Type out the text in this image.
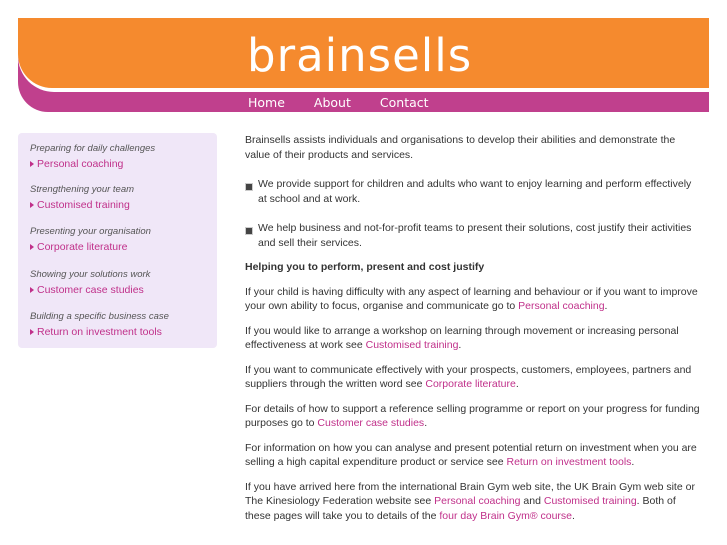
brainsells
Home About Contact
Preparing for daily challenges
Personal coaching
Strengthening your team
Customised training
Presenting your organisation
Corporate literature
Showing your solutions work
Customer case studies
Building a specific business case
Return on investment tools

Brainsells assists individuals and organisations to develop their abilities and demonstrate the value of their products and services.

We provide support for children and adults who want to enjoy learning and perform effectively at school and at work.

We help business and not-for-profit teams to present their solutions, cost justify their activities and sell their services.

Helping you to perform, present and cost justify

If your child is having difficulty with any aspect of learning and behaviour or if you want to improve your own ability to focus, organise and communicate go to Personal coaching.

If you would like to arrange a workshop on learning through movement or increasing personal effectiveness at work see Customised training.

If you want to communicate effectively with your prospects, customers, employees, partners and suppliers through the written word see Corporate literature.

For details of how to support a reference selling programme or report on your progress for funding purposes go to Customer case studies.

For information on how you can analyse and present potential return on investment when you are selling a high capital expenditure product or service see Return on investment tools.

If you have arrived here from the international Brain Gym web site, the UK Brain Gym web site or The Kinesiology Federation website see Personal coaching and Customised training. Both of these pages will take you to details of the four day Brain Gym® course.
